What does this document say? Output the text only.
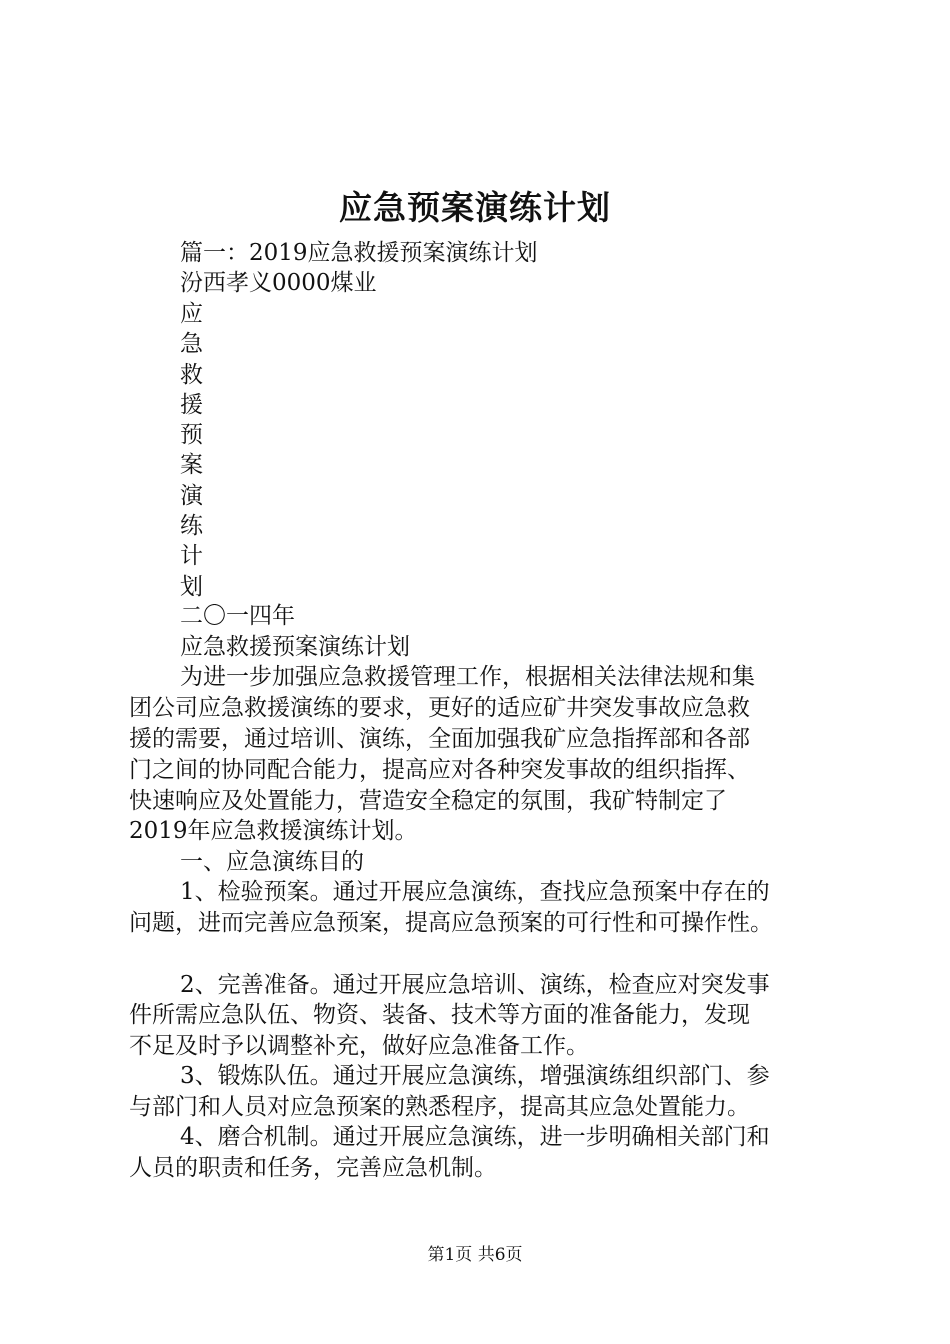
应急预案演练计划
篇一：2019应急救援预案演练计划
汾西孝义0000煤业
应
急
救
援
预
案
演
练
计
划
二〇一四年
应急救援预案演练计划
为进一步加强应急救援管理工作，根据相关法律法规和集
团公司应急救援演练的要求，更好的适应矿井突发事故应急救
援的需要，通过培训、演练，全面加强我矿应急指挥部和各部
门之间的协同配合能力，提高应对各种突发事故的组织指挥、
快速响应及处置能力，营造安全稳定的氛围，我矿特制定了
2019年应急救援演练计划。
一、应急演练目的
1、检验预案。通过开展应急演练，查找应急预案中存在的
问题，进而完善应急预案，提高应急预案的可行性和可操作性。
2、完善准备。通过开展应急培训、演练，检查应对突发事
件所需应急队伍、物资、装备、技术等方面的准备能力，发现
不足及时予以调整补充，做好应急准备工作。
3、锻炼队伍。通过开展应急演练，增强演练组织部门、参
与部门和人员对应急预案的熟悉程序，提高其应急处置能力。
4、磨合机制。通过开展应急演练，进一步明确相关部门和
人员的职责和任务，完善应急机制。
第1页 共6页
